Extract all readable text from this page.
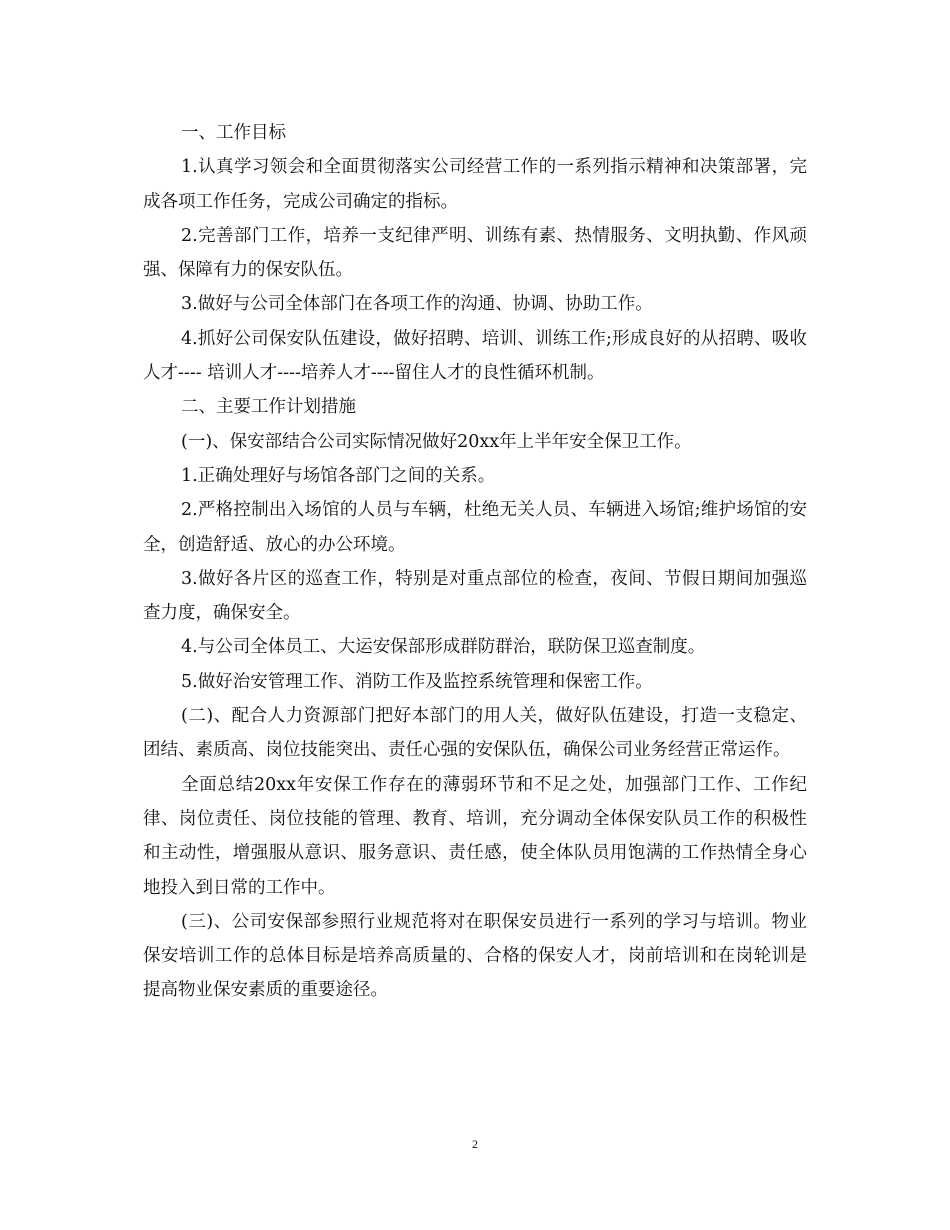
一、工作目标

1.认真学习领会和全面贯彻落实公司经营工作的一系列指示精神和决策部署，完成各项工作任务，完成公司确定的指标。

2.完善部门工作，培养一支纪律严明、训练有素、热情服务、文明执勤、作风顽强、保障有力的保安队伍。

3.做好与公司全体部门在各项工作的沟通、协调、协助工作。

4.抓好公司保安队伍建设，做好招聘、培训、训练工作;形成良好的从招聘、吸收人才---- 培训人才----培养人才----留住人才的良性循环机制。

二、主要工作计划措施

(一)、保安部结合公司实际情况做好20xx年上半年安全保卫工作。

1.正确处理好与场馆各部门之间的关系。

2.严格控制出入场馆的人员与车辆，杜绝无关人员、车辆进入场馆;维护场馆的安全，创造舒适、放心的办公环境。

3.做好各片区的巡查工作，特别是对重点部位的检查，夜间、节假日期间加强巡查力度，确保安全。

4.与公司全体员工、大运安保部形成群防群治，联防保卫巡查制度。

5.做好治安管理工作、消防工作及监控系统管理和保密工作。

(二)、配合人力资源部门把好本部门的用人关，做好队伍建设，打造一支稳定、团结、素质高、岗位技能突出、责任心强的安保队伍，确保公司业务经营正常运作。

全面总结20xx年安保工作存在的薄弱环节和不足之处，加强部门工作、工作纪律、岗位责任、岗位技能的管理、教育、培训，充分调动全体保安队员工作的积极性和主动性，增强服从意识、服务意识、责任感，使全体队员用饱满的工作热情全身心地投入到日常的工作中。

(三)、公司安保部参照行业规范将对在职保安员进行一系列的学习与培训。物业保安培训工作的总体目标是培养高质量的、合格的保安人才，岗前培训和在岗轮训是提高物业保安素质的重要途径。

2
